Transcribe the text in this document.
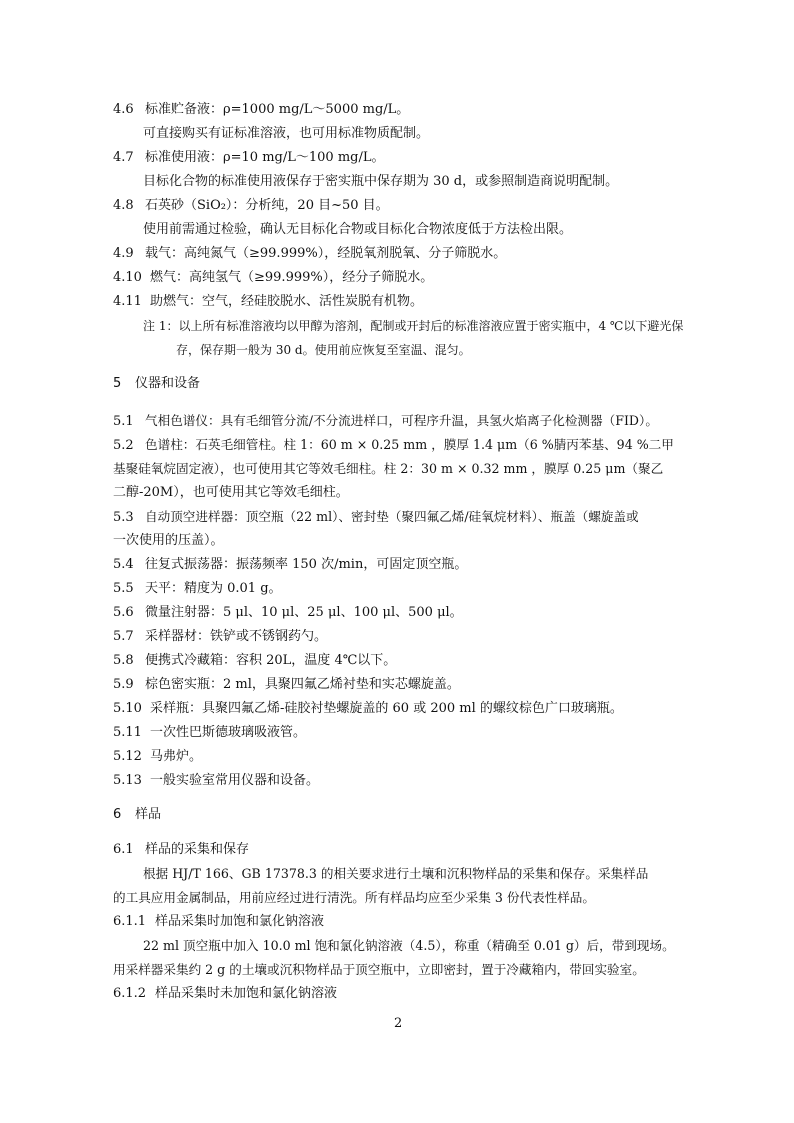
4.6 标准贮备液：ρ=1000 mg/L～5000 mg/L。
可直接购买有证标准溶液，也可用标准物质配制。
4.7 标准使用液：ρ=10 mg/L～100 mg/L。
目标化合物的标准使用液保存于密实瓶中保存期为 30 d，或参照制造商说明配制。
4.8 石英砂（SiO₂）：分析纯，20 目~50 目。
使用前需通过检验，确认无目标化合物或目标化合物浓度低于方法检出限。
4.9 载气：高纯氮气（≥99.999%），经脱氧剂脱氧、分子筛脱水。
4.10 燃气：高纯氢气（≥99.999%），经分子筛脱水。
4.11 助燃气：空气，经硅胶脱水、活性炭脱有机物。
注 1：以上所有标准溶液均以甲醇为溶剂，配制或开封后的标准溶液应置于密实瓶中，4 ℃以下避光保
存，保存期一般为 30 d。使用前应恢复至室温、混匀。
5 仪器和设备
5.1 气相色谱仪：具有毛细管分流/不分流进样口，可程序升温，具氢火焰离子化检测器（FID）。
5.2 色谱柱：石英毛细管柱。柱 1：60 m × 0.25 mm ，膜厚 1.4 μm（6 %腈丙苯基、94 %二甲
基聚硅氧烷固定液），也可使用其它等效毛细柱。柱 2：30 m × 0.32 mm ，膜厚 0.25 μm（聚乙
二醇-20M），也可使用其它等效毛细柱。
5.3 自动顶空进样器：顶空瓶（22 ml）、密封垫（聚四氟乙烯/硅氧烷材料）、瓶盖（螺旋盖或
一次使用的压盖）。
5.4 往复式振荡器：振荡频率 150 次/min，可固定顶空瓶。
5.5 天平：精度为 0.01 g。
5.6 微量注射器：5 μl、10 μl、25 μl、100 μl、500 μl。
5.7 采样器材：铁铲或不锈钢药勺。
5.8 便携式冷藏箱：容积 20L，温度 4℃以下。
5.9 棕色密实瓶：2 ml，具聚四氟乙烯衬垫和实芯螺旋盖。
5.10 采样瓶：具聚四氟乙烯-硅胶衬垫螺旋盖的 60 或 200 ml 的螺纹棕色广口玻璃瓶。
5.11 一次性巴斯德玻璃吸液管。
5.12 马弗炉。
5.13 一般实验室常用仪器和设备。
6 样品
6.1 样品的采集和保存
根据 HJ/T 166、GB 17378.3 的相关要求进行土壤和沉积物样品的采集和保存。采集样品
的工具应用金属制品，用前应经过进行清洗。所有样品均应至少采集 3 份代表性样品。
6.1.1 样品采集时加饱和氯化钠溶液
22 ml 顶空瓶中加入 10.0 ml 饱和氯化钠溶液（4.5），称重（精确至 0.01 g）后，带到现场。
用采样器采集约 2 g 的土壤或沉积物样品于顶空瓶中，立即密封，置于冷藏箱内，带回实验室。
6.1.2 样品采集时未加饱和氯化钠溶液
2
